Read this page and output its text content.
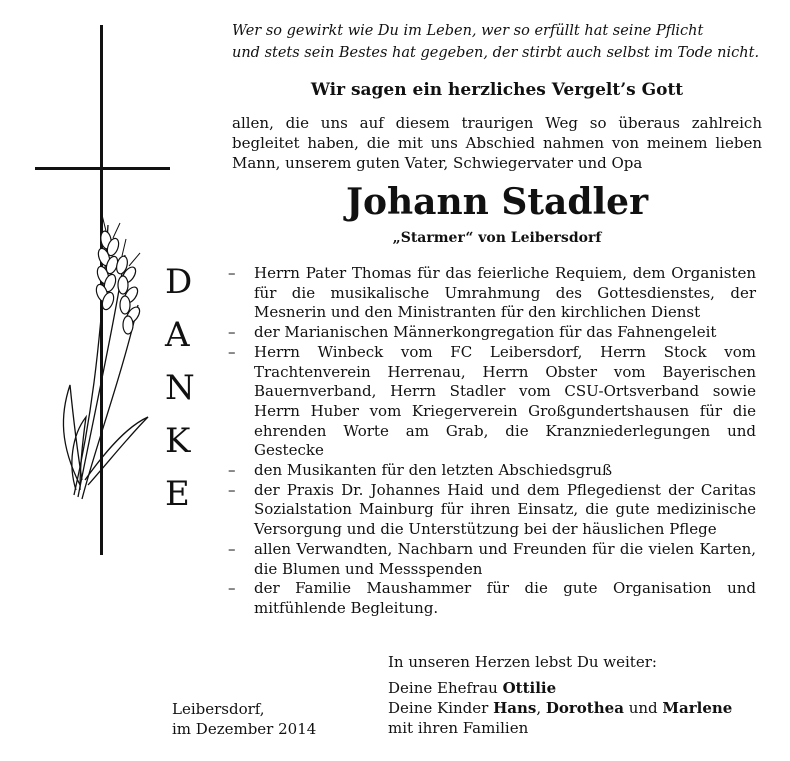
D
A
N
K
E
Wer so gewirkt wie Du im Leben, wer so erfüllt hat seine Pflicht
und stets sein Bestes hat gegeben, der stirbt auch selbst im Tode nicht.
Wir sagen ein herzliches Vergelt’s Gott
allen, die uns auf diesem traurigen Weg so überaus zahlreich begleitet haben, die mit uns Abschied nahmen von meinem lieben Mann, unserem guten Vater, Schwiegervater und Opa
Johann Stadler
„Starmer“ von Leibersdorf
– Herrn Pater Thomas für das feierliche Requiem, dem Organisten für die musikalische Umrahmung des Gottesdienstes, der Mesnerin und den Ministranten für den kirchlichen Dienst
– der Marianischen Männerkongregation für das Fahnengeleit
– Herrn Winbeck vom FC Leibersdorf, Herrn Stock vom Trachtenverein Herrenau, Herrn Obster vom Bayerischen Bauernverband, Herrn Stadler vom CSU-Ortsverband sowie Herrn Huber vom Kriegerverein Großgundertshausen für die ehrenden Worte am Grab, die Kranzniederlegungen und Gestecke
– den Musikanten für den letzten Abschiedsgruß
– der Praxis Dr. Johannes Haid und dem Pflegedienst der Caritas Sozialstation Mainburg für ihren Einsatz, die gute medizinische Versorgung und die Unterstützung bei der häuslichen Pflege
– allen Verwandten, Nachbarn und Freunden für die vielen Karten, die Blumen und Messspenden
– der Familie Maushammer für die gute Organisation und mitfühlende Begleitung.
In unseren Herzen lebst Du weiter:
Deine Ehefrau Ottilie
Deine Kinder Hans, Dorothea und Marlene
mit ihren Familien
Leibersdorf,
im Dezember 2014
